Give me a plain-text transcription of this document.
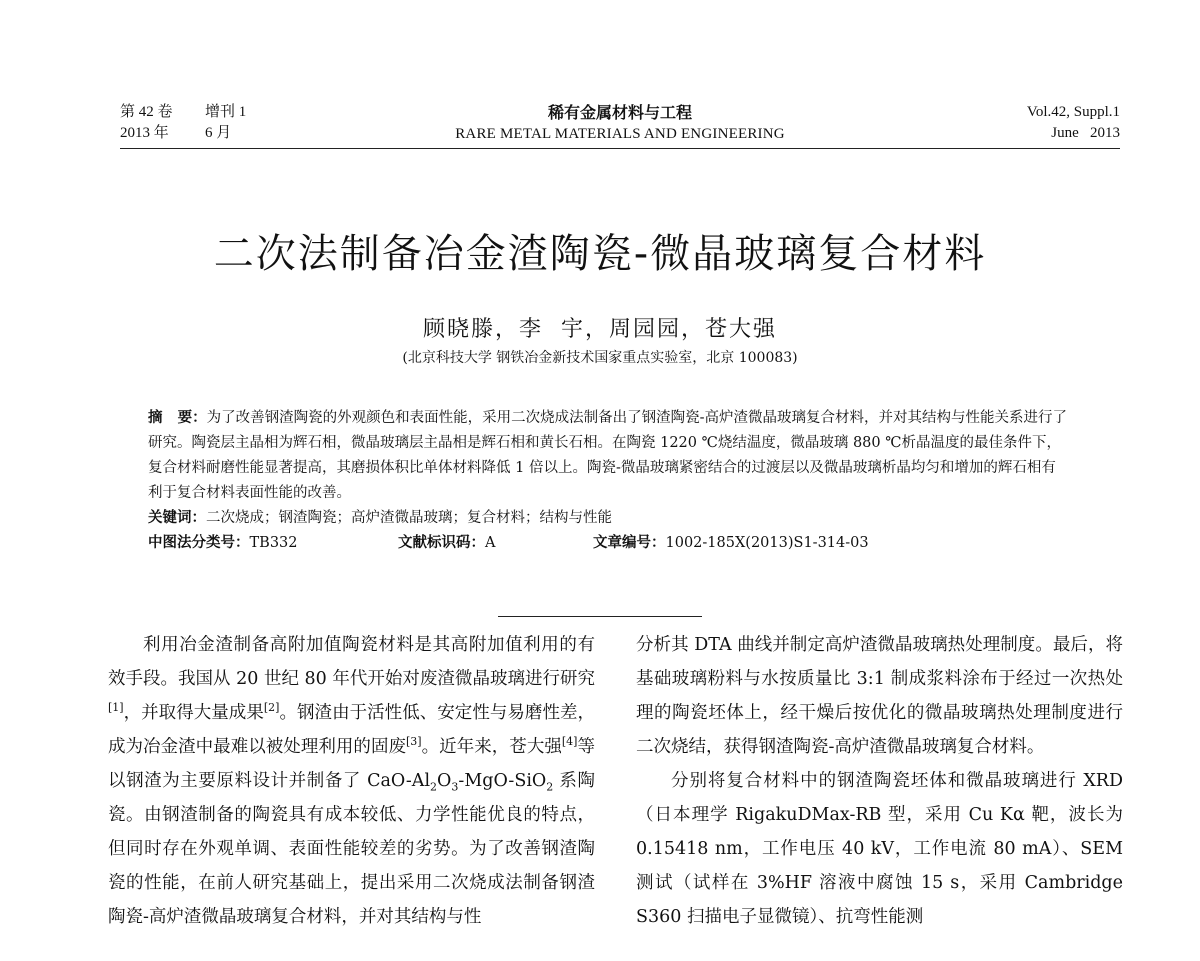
第 42 卷 增刊 1
2013 年 6 月
稀有金属材料与工程
RARE METAL MATERIALS AND ENGINEERING
Vol.42, Suppl.1
June   2013
二次法制备冶金渣陶瓷-微晶玻璃复合材料
顾晓滕，李  宇，周园园，苍大强
(北京科技大学 钢铁冶金新技术国家重点实验室，北京 100083)

摘   要：为了改善钢渣陶瓷的外观颜色和表面性能，采用二次烧成法制备出了钢渣陶瓷-高炉渣微晶玻璃复合材料，并对其结构与性能关系进行了研究。陶瓷层主晶相为辉石相，微晶玻璃层主晶相是辉石相和黄长石相。在陶瓷 1220 ℃烧结温度，微晶玻璃 880 ℃析晶温度的最佳条件下，复合材料耐磨性能显著提高，其磨损体积比单体材料降低 1 倍以上。陶瓷-微晶玻璃紧密结合的过渡层以及微晶玻璃析晶均匀和增加的辉石相有利于复合材料表面性能的改善。

关键词：二次烧成；钢渣陶瓷；高炉渣微晶玻璃；复合材料；结构与性能

中图法分类号：TB332	文献标识码：A	文章编号：1002-185X(2013)S1-314-03

利用冶金渣制备高附加值陶瓷材料是其高附加值利用的有效手段。我国从 20 世纪 80 年代开始对废渣微晶玻璃进行研究[1]，并取得大量成果[2]。钢渣由于活性低、安定性与易磨性差，成为冶金渣中最难以被处理利用的固废[3]。近年来，苍大强[4]等以钢渣为主要原料设计并制备了 CaO-$Al_2O_3-MgO-SiO_2$ 系陶瓷。由钢渣制备的陶瓷具有成本较低、力学性能优良的特点，但同时存在外观单调、表面性能较差的劣势。为了改善钢渣陶瓷的性能，在前人研究基础上，提出采用二次烧成法制备钢渣陶瓷-高炉渣微晶玻璃复合材料，并对其结构与性

分析其 DTA 曲线并制定高炉渣微晶玻璃热处理制度。最后，将基础玻璃粉料与水按质量比 3:1 制成浆料涂布于经过一次热处理的陶瓷坯体上，经干燥后按优化的微晶玻璃热处理制度进行二次烧结，获得钢渣陶瓷-高炉渣微晶玻璃复合材料。

分别将复合材料中的钢渣陶瓷坯体和微晶玻璃进行 XRD（日本理学 RigakuDMax-RB 型，采用 Cu Kα 靶，波长为 0.15418 nm，工作电压 40 kV，工作电流 80 mA）、SEM 测试（试样在 3%HF 溶液中腐蚀 15 s，采用 Cambridge S360 扫描电子显微镜）、抗弯性能测
